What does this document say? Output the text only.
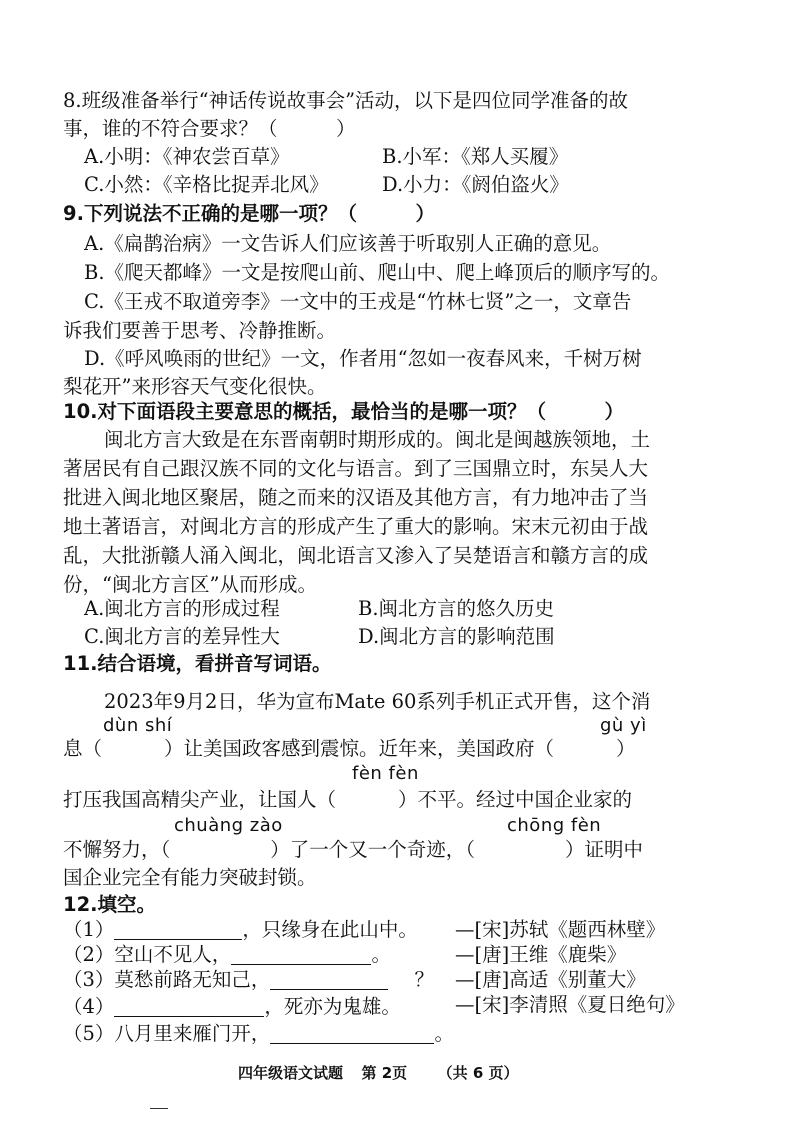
8.班级准备举行“神话传说故事会”活动，以下是四位同学准备的故
事，谁的不符合要求？（　　　）
A.小明：《神农尝百草》	B.小军：《郑人买履》
C.小然：《辛格比捉弄北风》	D.小力：《阏伯盗火》
9.下列说法不正确的是哪一项？（　　　）
A.《扁鹊治病》一文告诉人们应该善于听取别人正确的意见。
B.《爬天都峰》一文是按爬山前、爬山中、爬上峰顶后的顺序写的。
C.《王戎不取道旁李》一文中的王戎是“竹林七贤”之一，文章告
诉我们要善于思考、冷静推断。
D.《呼风唤雨的世纪》一文，作者用“忽如一夜春风来，千树万树
梨花开”来形容天气变化很快。
10.对下面语段主要意思的概括，最恰当的是哪一项？（　　　）
闽北方言大致是在东晋南朝时期形成的。闽北是闽越族领地，土
著居民有自己跟汉族不同的文化与语言。到了三国鼎立时，东吴人大
批进入闽北地区聚居，随之而来的汉语及其他方言，有力地冲击了当
地土著语言，对闽北方言的形成产生了重大的影响。宋末元初由于战
乱，大批浙赣人涌入闽北，闽北语言又渗入了吴楚语言和赣方言的成
份，“闽北方言区”从而形成。
A.闽北方言的形成过程	B.闽北方言的悠久历史
C.闽北方言的差异性大	D.闽北方言的影响范围
11.结合语境，看拼音写词语。
2023年9月2日，华为宣布Mate 60系列手机正式开售，这个消
dùn shí	gù yì
息（	）让美国政客感到震惊。近年来，美国政府（	）
fèn fèn
打压我国高精尖产业，让国人（	）不平。经过中国企业家的
chuàng zào	chōng fèn
不懈努力，（	）了一个又一个奇迹，（	）证明中
国企业完全有能力突破封锁。
12.填空。
（1）	，只缘身在此山中。 —[宋]苏轼《题西林壁》
（2）空山不见人，	。	—[唐]王维《鹿柴》
（3）莫愁前路无知己，	？ —[唐]高适《别董大》
（4）	，死亦为鬼雄。	—[宋]李清照《夏日绝句》
（5）八月里来雁门开，	。
四年级语文试题 第 2页 （共 6 页）
